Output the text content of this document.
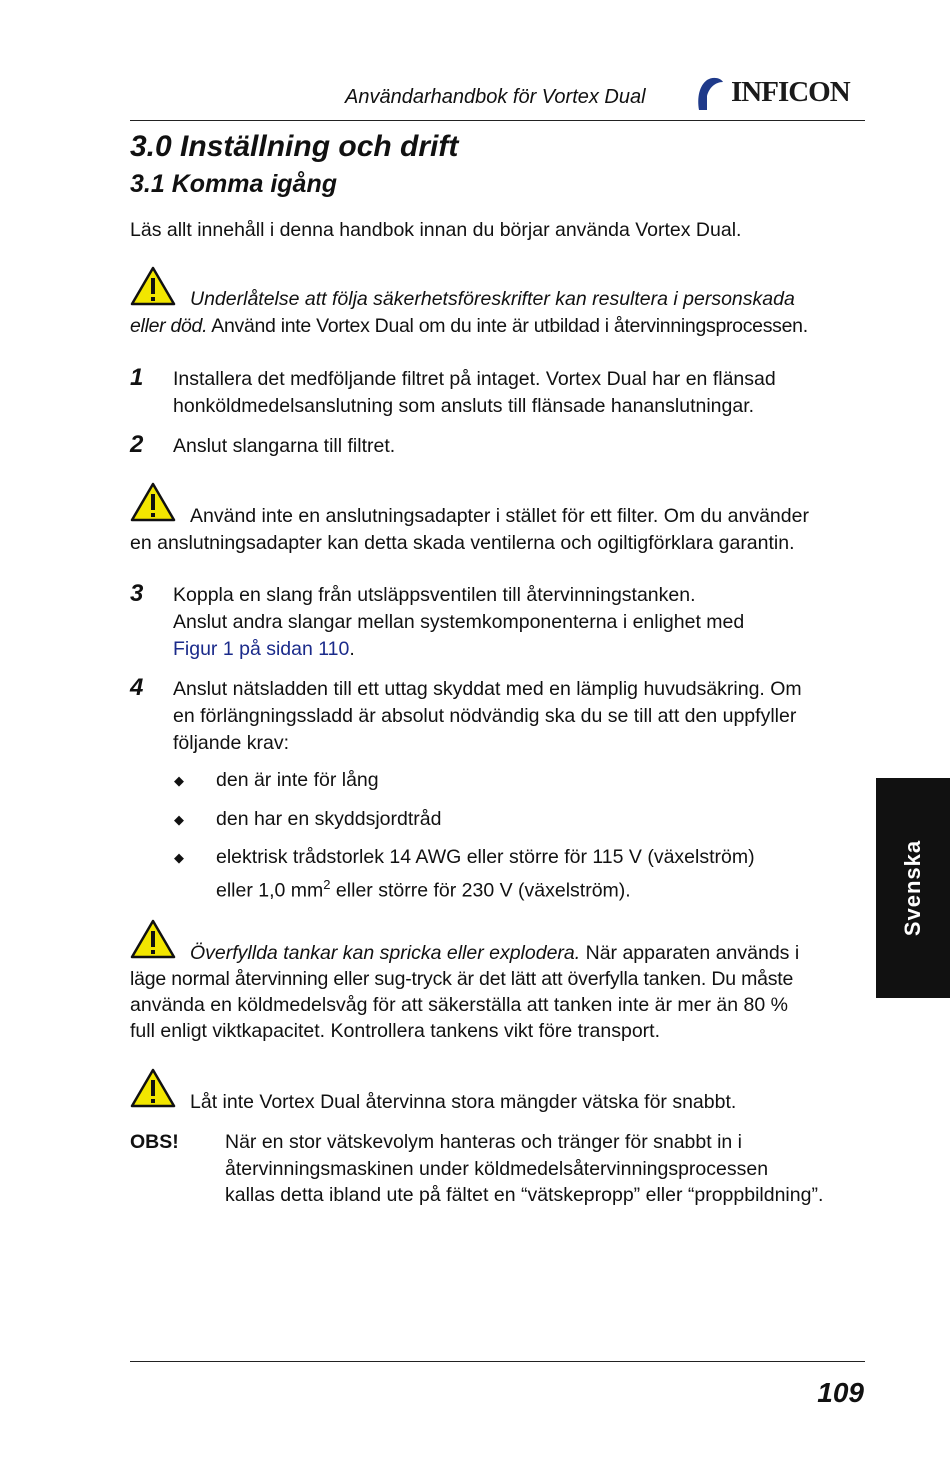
Användarhandbok för Vortex Dual	INFICON
3.0 Inställning och drift
3.1 Komma igång
Läs allt innehåll i denna handbok innan du börjar använda Vortex Dual.
Underlåtelse att följa säkerhetsföreskrifter kan resultera i personskada
eller död. Använd inte Vortex Dual om du inte är utbildad i återvinningsprocessen.
1 Installera det medföljande filtret på intaget. Vortex Dual har en flänsad
honköldmedelsanslutning som ansluts till flänsade hananslutningar.
2 Anslut slangarna till filtret.
Använd inte en anslutningsadapter i stället för ett filter. Om du använder
en anslutningsadapter kan detta skada ventilerna och ogiltigförklara garantin.
3 Koppla en slang från utsläppsventilen till återvinningstanken.
Anslut andra slangar mellan systemkomponenterna i enlighet med
Figur 1 på sidan 110.
4 Anslut nätsladden till ett uttag skyddat med en lämplig huvudsäkring. Om
en förlängningssladd är absolut nödvändig ska du se till att den uppfyller
följande krav:
◆ den är inte för lång
◆ den har en skyddsjordtråd
◆ elektrisk trådstorlek 14 AWG eller större för 115 V (växelström)
eller 1,0 $mm^2$ eller större för 230 V (växelström).
Överfyllda tankar kan spricka eller explodera. När apparaten används i
läge normal återvinning eller sug-tryck är det lätt att överfylla tanken. Du måste
använda en köldmedelsvåg för att säkerställa att tanken inte är mer än 80 %
full enligt viktkapacitet. Kontrollera tankens vikt före transport.
Låt inte Vortex Dual återvinna stora mängder vätska för snabbt.
OBS! När en stor vätskevolym hanteras och tränger för snabbt in i
återvinningsmaskinen under köldmedelsåtervinningsprocessen
kallas detta ibland ute på fältet en “vätskepropp” eller “proppbildning”.
Svenska
109
